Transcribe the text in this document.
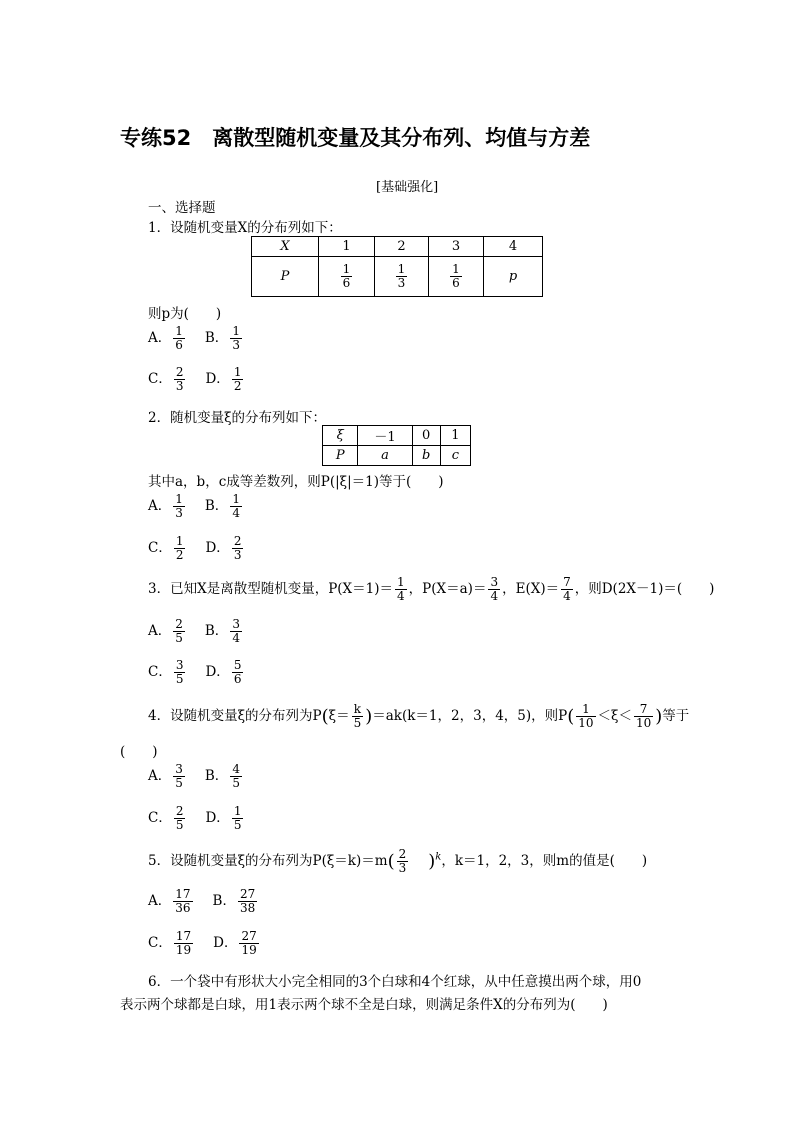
专练52　离散型随机变量及其分布列、均值与方差
[基础强化]
一、选择题
1．设随机变量X的分布列如下：
X	1	2	3	4
P	$\frac{1}{6}$	$\frac{1}{3}$	$\frac{1}{6}$	p
则p为(　　)
A． $\frac{1}{6}$ B． $\frac{1}{3}$
C． $\frac{2}{3}$ D． $\frac{1}{2}$
2．随机变量ξ的分布列如下：
ξ	－1	0	1
P	a	b	c
其中a，b，c成等差数列，则P(|ξ|＝1)等于(　　)
A． $\frac{1}{3}$ B． $\frac{1}{4}$
C． $\frac{1}{2}$ D． $\frac{2}{3}$
3．已知X是离散型随机变量，$P(X=1)= \frac{1}{4}$ ，$P(X=a)= \frac{3}{4}$ ，$E(X)= \frac{7}{4}$ ，则D(2X－1)＝(　　)
A． $\frac{2}{5}$ B． $\frac{3}{4}$
C． $\frac{3}{5}$ D． $\frac{5}{6}$
4．设随机变量ξ的分布列为$P(\xi= \frac{k}{5} )=ak(k=1$，2，3，4，5)，则$P( \frac{1}{10} <\xi< \frac{7}{10}$ )等于
(　　)
A． $\frac{3}{5}$ B． $\frac{4}{5}$
C． $\frac{2}{5}$ D． $\frac{1}{5}$
5．设随机变量ξ的分布列为$P(\xi=k)=m( \frac{2}{3} )^k$，k＝1，2，3，则m的值是(　　)
A． $\frac{17}{36}$ B． $\frac{27}{38}$
C． $\frac{17}{19}$ D． $\frac{27}{19}$
6．一个袋中有形状大小完全相同的3个白球和4个红球，从中任意摸出两个球，用0
表示两个球都是白球，用1表示两个球不全是白球，则满足条件X的分布列为(　　)
